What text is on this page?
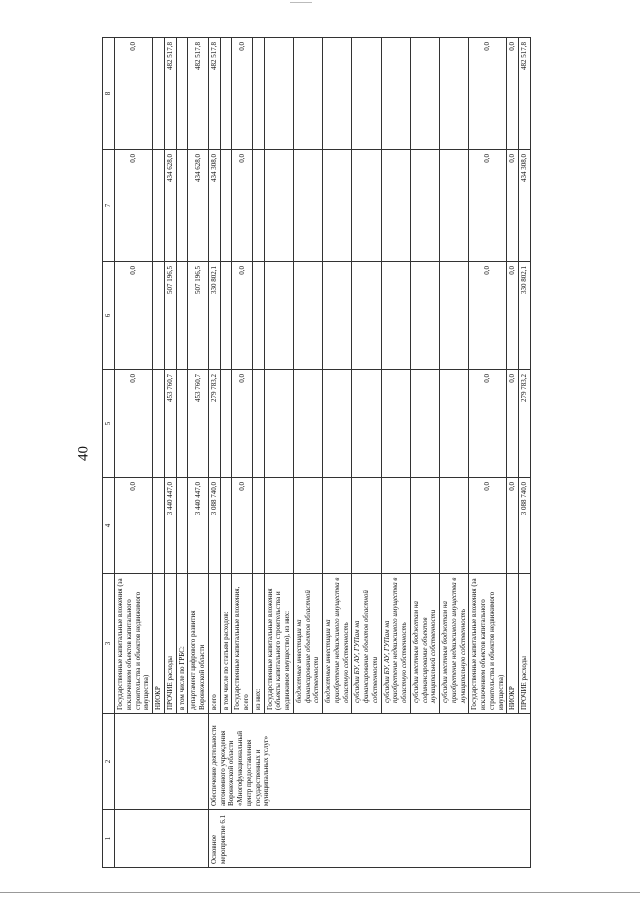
40
1	2	3	4	5	6	7	8
		Государственные капитальные вложения (за исключением объектов капитального строительства и объектов недвижимого имущества)	0,0	0,0	0,0	0,0	0,0
		НИОКР					
		ПРОЧИЕ расходы	3 440 447,0	453 760,7	507 196,5	434 628,0	482 517,8
		в том числе по ГРБС:					
		департамент цифрового развития Воронежской области	3 440 447,0	453 760,7	507 196,5	434 628,0	482 517,8
Основное мероприятие 6.1	Обеспечение деятельности автономного учреждения Воронежской области «Многофункциональный центр предоставления государственных и муниципальных услуг»	всего	3 088 740,0	279 783,2	330 802,1	434 308,0	482 517,8
		в том числе по статьям расходов:					
		Государственные капитальные вложения, всего	0,0	0,0	0,0	0,0	0,0
		из них:					
		Государственные капитальные вложения (объекты капитального строительства и недвижимое имущество), из них:					
		бюджетные инвестиции на финансирование объектов областной собственности					
		бюджетные инвестиции на приобретение недвижимого имущества в областную собственность					
		субсидии БУ, АУ, ГУПам на финансирование объектов областной собственности					
		субсидии БУ, АУ, ГУПам на приобретение недвижимого имущества в областную собственность					
		субсидии местным бюджетам на софинансирование объектов муниципальной собственности					
		субсидии местным бюджетам на приобретение недвижимого имущества в муниципальную собственность					
		Государственные капитальные вложения (за исключением объектов капитального строительства и объектов недвижимого имущества)	0,0	0,0	0,0	0,0	0,0
		НИОКР	0,0	0,0	0,0	0,0	0,0
		ПРОЧИЕ расходы	3 088 740,0	279 783,2	330 802,1	434 308,0	482 517,8
